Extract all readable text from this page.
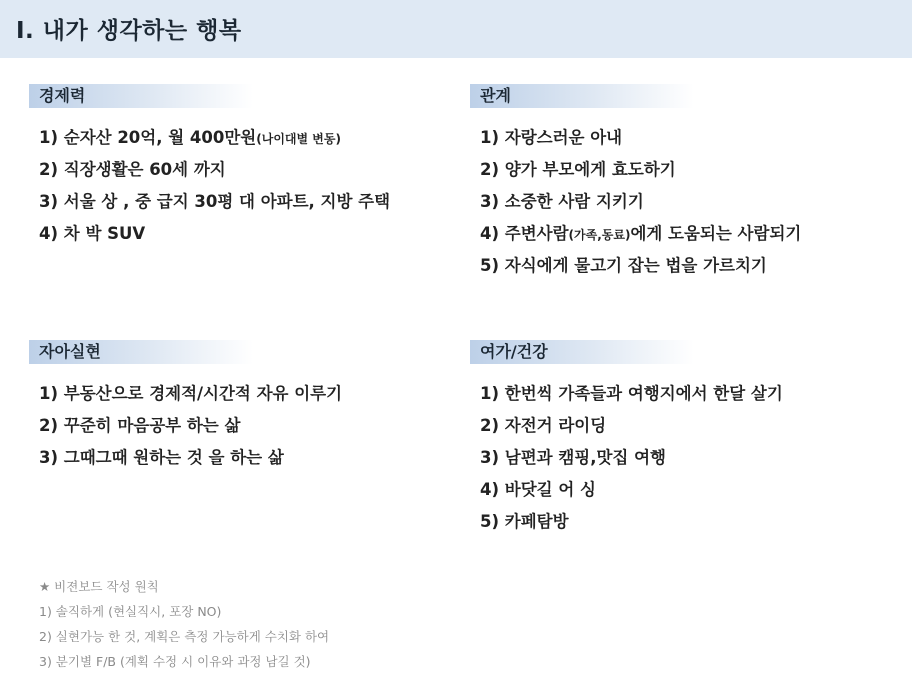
I. 내가 생각하는 행복
경제력
1) 순자산 20억, 월 400만원(나이대별 변동)
2) 직장생활은 60세 까지
3) 서울 상 , 중 급지 30평 대 아파트, 지방 주택
4) 차 박 SUV
관계
1) 자랑스러운 아내
2) 양가 부모에게 효도하기
3) 소중한 사람 지키기
4) 주변사람(가족,동료)에게 도움되는 사람되기
5) 자식에게 물고기 잡는 법을 가르치기
자아실현
1) 부동산으로 경제적/시간적 자유 이루기
2) 꾸준히 마음공부 하는 삶
3) 그때그때 원하는 것 을 하는 삶
여가/건강
1) 한번씩 가족들과 여행지에서 한달 살기
2) 자전거 라이딩
3) 남편과 캠핑,맛집 여행
4) 바닷길 어 싱
5) 카페탐방
★ 비젼보드 작성 원칙
1) 솔직하게 (현실직시, 포장 NO)
2) 실현가능 한 것, 계획은 측정 가능하게 수치화 하여
3) 분기별 F/B (계획 수정 시 이유와 과정 남길 것)
